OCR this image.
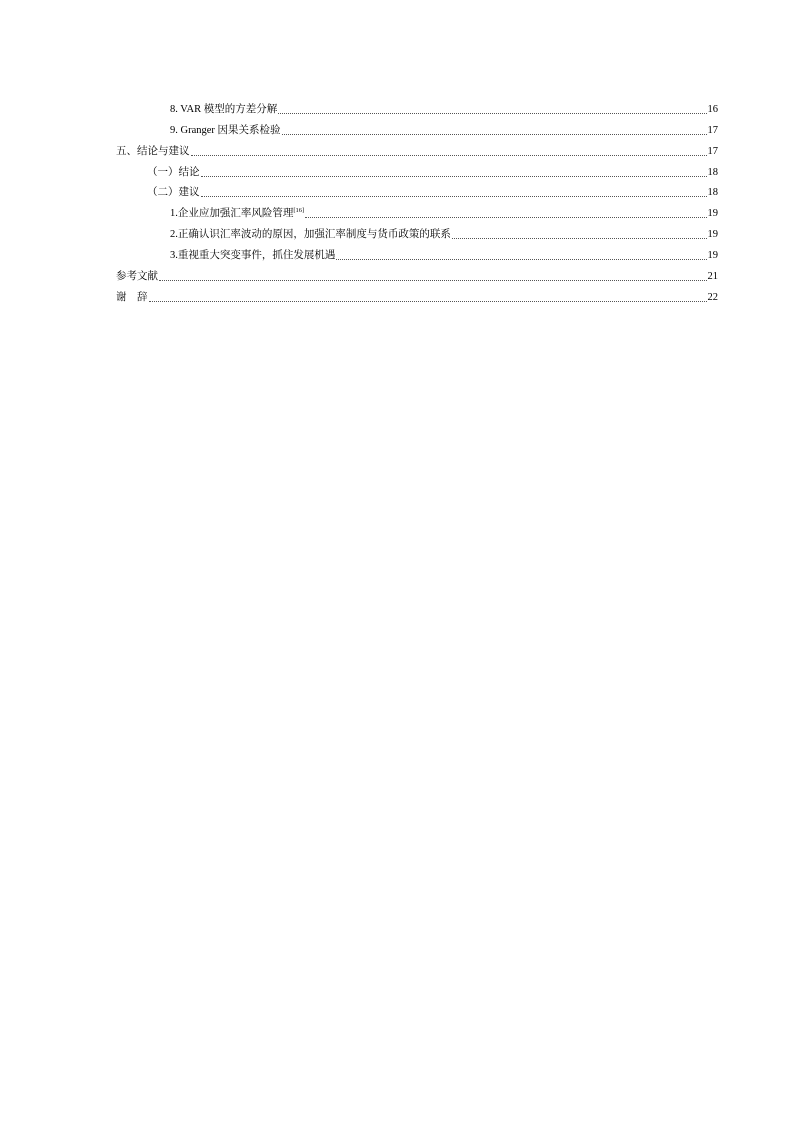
8. VAR 模型的方差分解	16
9. Granger 因果关系检验	17
五、结论与建议	17
（一）结论	18
（二）建议	18
1.企业应加强汇率风险管理[16]	19
2.正确认识汇率波动的原因，加强汇率制度与货币政策的联系	19
3.重视重大突变事件，抓住发展机遇	19
参考文献	21
谢　辞	22
